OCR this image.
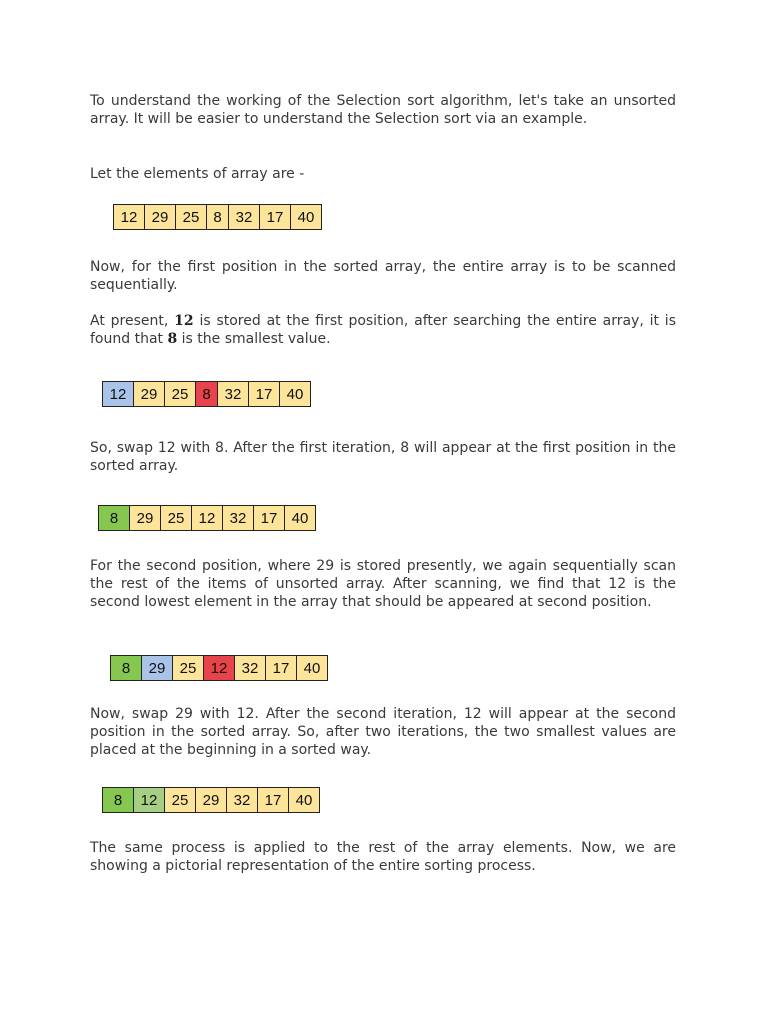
To understand the working of the Selection sort algorithm, let's take an unsorted array. It will be easier to understand the Selection sort via an example.

Let the elements of array are -

12 29 25 8 32 17 40

Now, for the first position in the sorted array, the entire array is to be scanned sequentially.

At present, 12 is stored at the first position, after searching the entire array, it is found that 8 is the smallest value.

12 29 25 8 32 17 40

So, swap 12 with 8. After the first iteration, 8 will appear at the first position in the sorted array.

8	29 25 12 32 17 40

For the second position, where 29 is stored presently, we again sequentially scan the rest of the items of unsorted array. After scanning, we find that 12 is the second lowest element in the array that should be appeared at second position.

8	29 25 12 32 17 40

Now, swap 29 with 12. After the second iteration, 12 will appear at the second position in the sorted array. So, after two iterations, the two smallest values are placed at the beginning in a sorted way.

8	12 25 29 32 17 40

The same process is applied to the rest of the array elements. Now, we are showing a pictorial representation of the entire sorting process.
